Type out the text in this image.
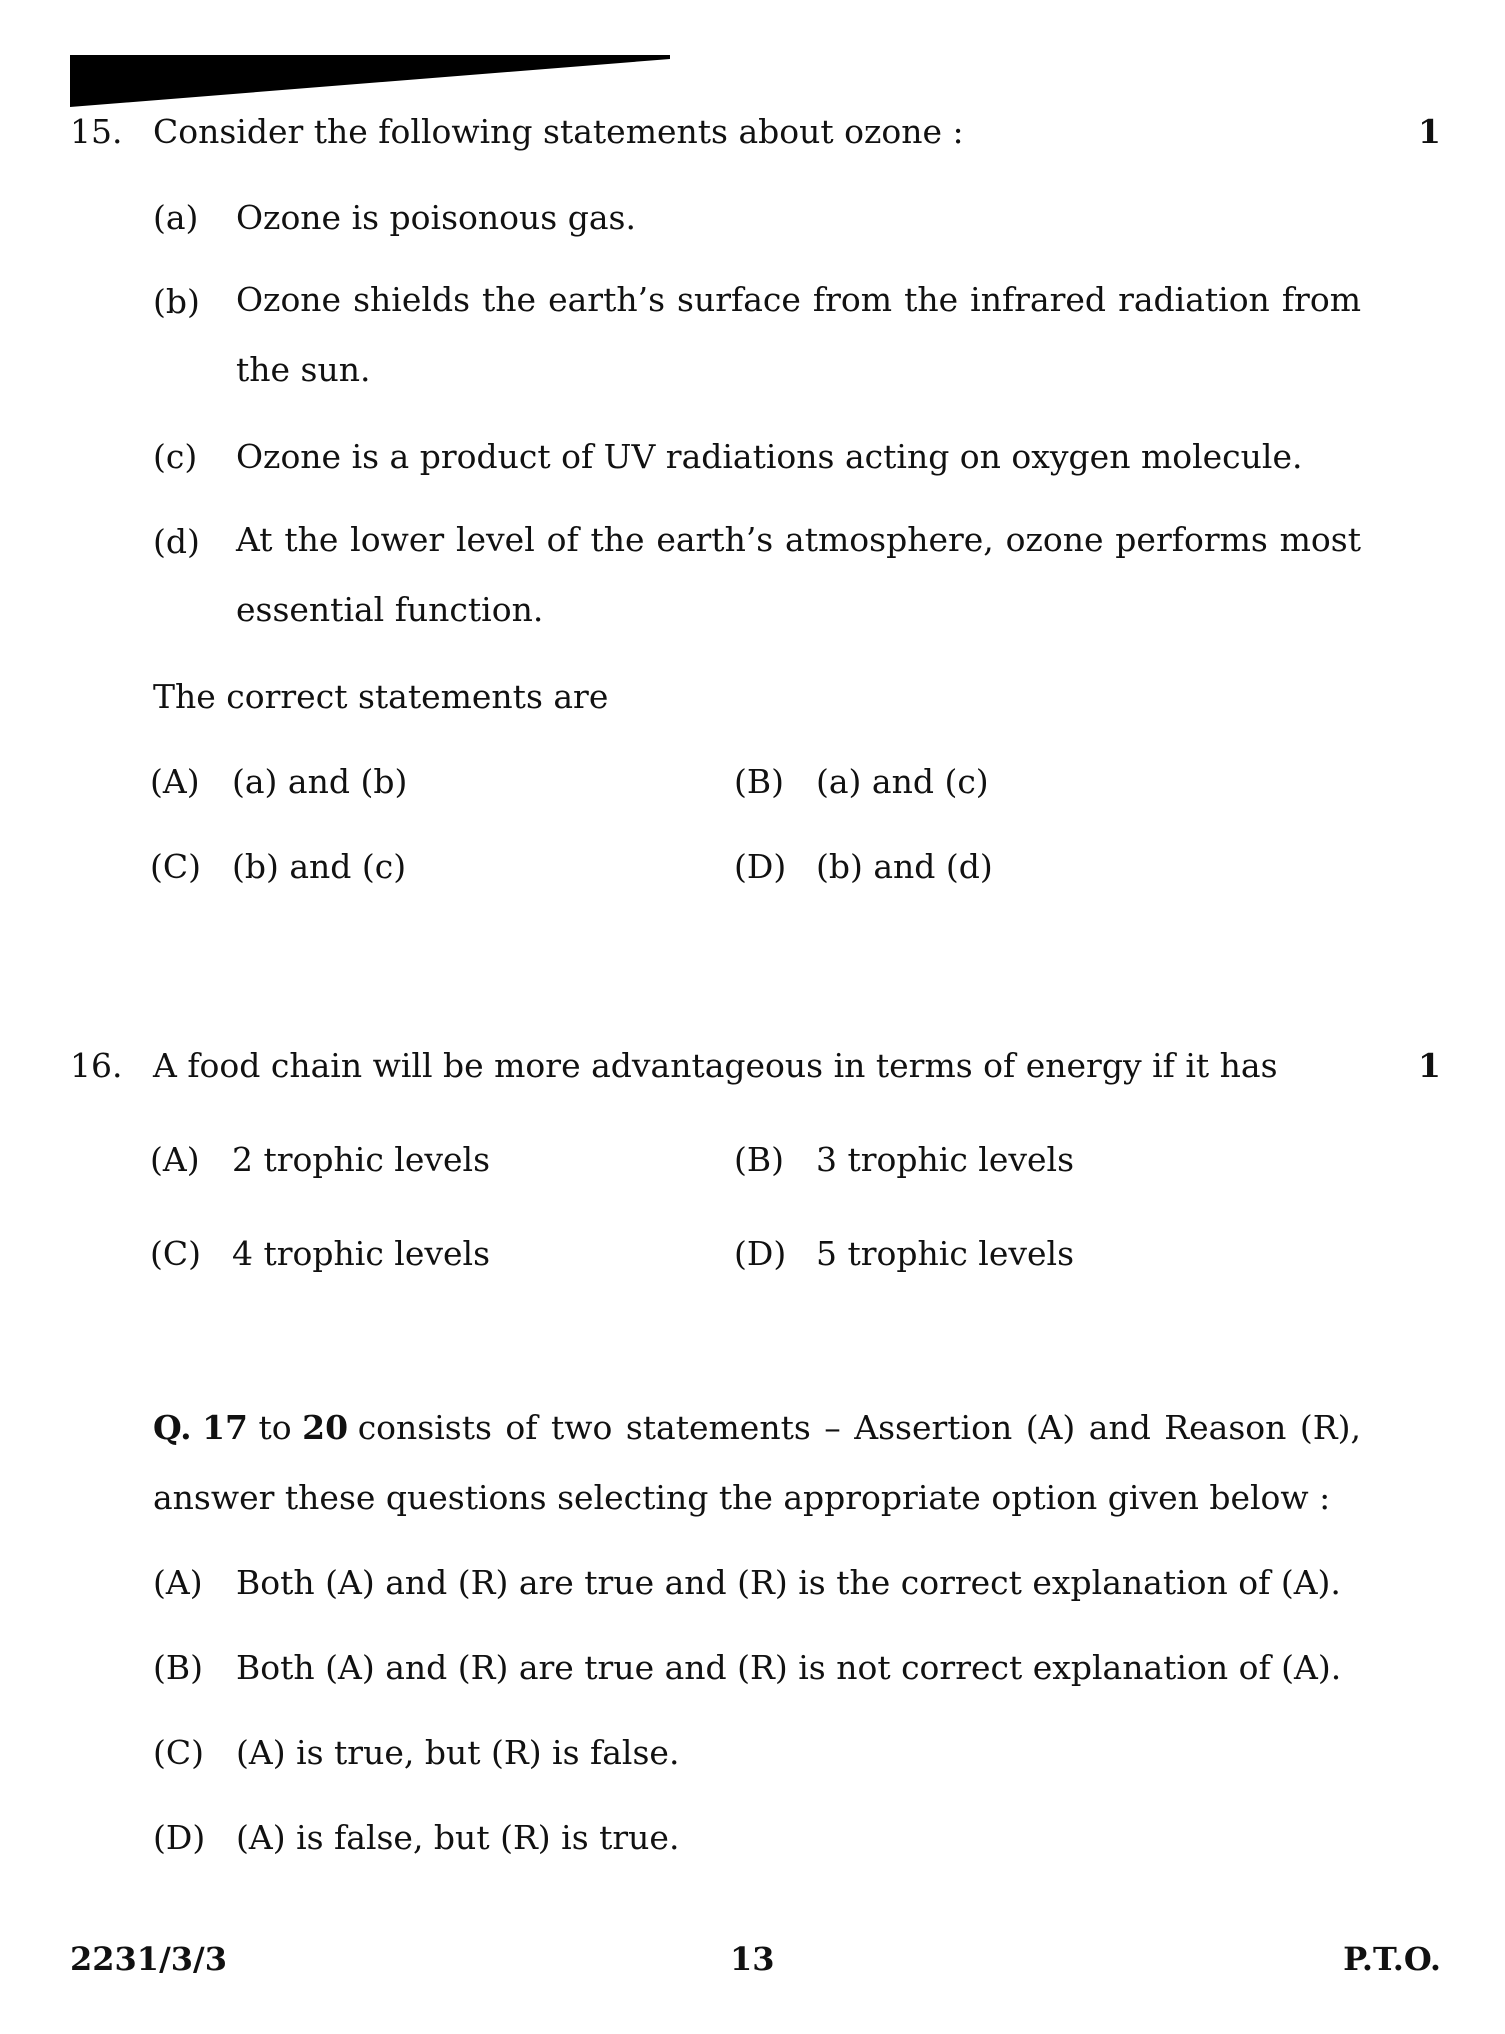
15. Consider the following statements about ozone :	1
(a) Ozone is poisonous gas.
(b) Ozone shields the earth’s surface from the infrared radiation from the sun.
(c) Ozone is a product of UV radiations acting on oxygen molecule.
(d) At the lower level of the earth’s atmosphere, ozone performs most essential function.
The correct statements are
(A) (a) and (b)	(B) (a) and (c)
(C) (b) and (c)	(D) (b) and (d)
16. A food chain will be more advantageous in terms of energy if it has	1
(A) 2 trophic levels	(B) 3 trophic levels
(C) 4 trophic levels	(D) 5 trophic levels
Q. 17 to 20 consists of two statements – Assertion (A) and Reason (R),
answer these questions selecting the appropriate option given below :
(A) Both (A) and (R) are true and (R) is the correct explanation of (A).
(B) Both (A) and (R) are true and (R) is not correct explanation of (A).
(C) (A) is true, but (R) is false.
(D) (A) is false, but (R) is true.
2231/3/3	13	P.T.O.
